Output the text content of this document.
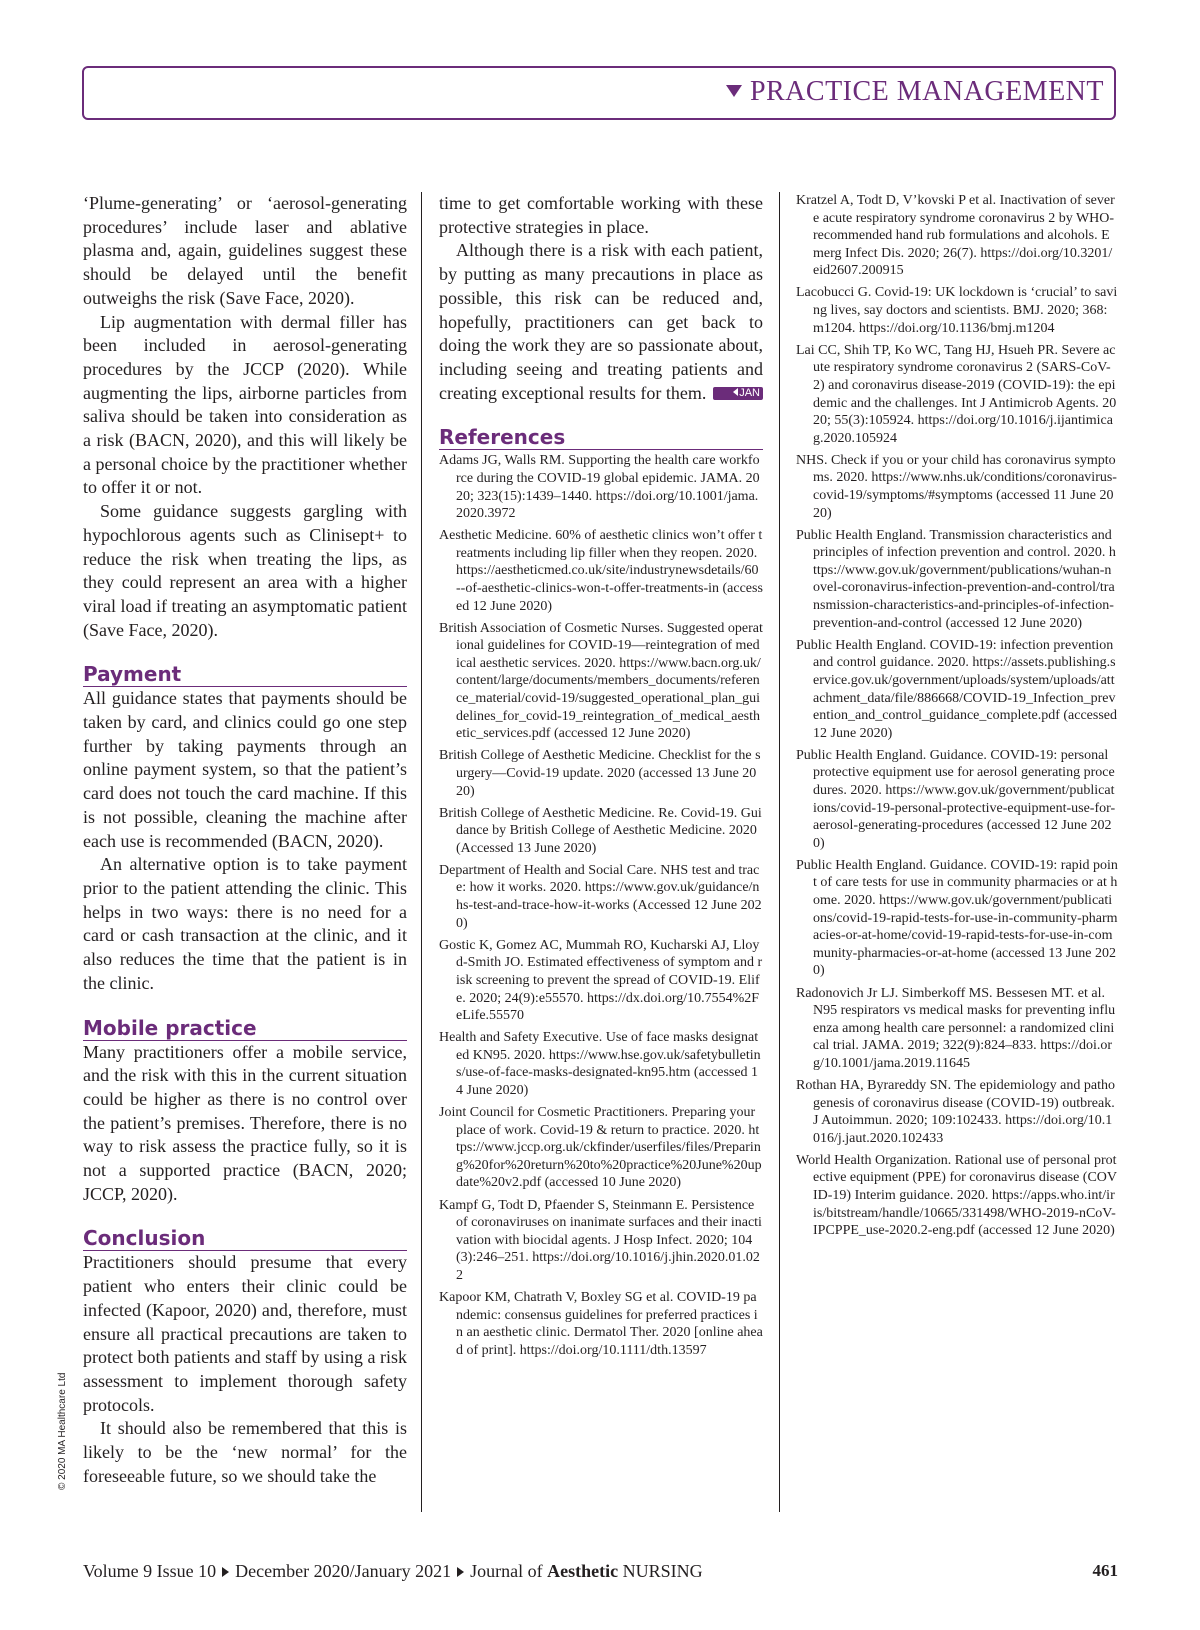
PRACTICE MANAGEMENT

‘Plume-generating’ or ‘aerosol-generating procedures’ include laser and ablative plasma and, again, guidelines suggest these should be delayed until the benefit outweighs the risk (Save Face, 2020).

Lip augmentation with dermal filler has been included in aerosol-generating procedures by the JCCP (2020). While augmenting the lips, airborne particles from saliva should be taken into consideration as a risk (BACN, 2020), and this will likely be a personal choice by the practitioner whether to offer it or not.

Some guidance suggests gargling with hypochlorous agents such as Clinisept+ to reduce the risk when treating the lips, as they could represent an area with a higher viral load if treating an asymptomatic patient (Save Face, 2020).

Payment

All guidance states that payments should be taken by card, and clinics could go one step further by taking payments through an online payment system, so that the patient’s card does not touch the card machine. If this is not possible, cleaning the machine after each use is recommended (BACN, 2020).

An alternative option is to take payment prior to the patient attending the clinic. This helps in two ways: there is no need for a card or cash transaction at the clinic, and it also reduces the time that the patient is in the clinic.

Mobile practice

Many practitioners offer a mobile service, and the risk with this in the current situation could be higher as there is no control over the patient’s premises. Therefore, there is no way to risk assess the practice fully, so it is not a supported practice (BACN, 2020; JCCP, 2020).

Conclusion

Practitioners should presume that every patient who enters their clinic could be infected (Kapoor, 2020) and, therefore, must ensure all practical precautions are taken to protect both patients and staff by using a risk assessment to implement thorough safety protocols.

It should also be remembered that this is likely to be the ‘new normal’ for the foreseeable future, so we should take the

time to get comfortable working with these protective strategies in place.

Although there is a risk with each patient, by putting as many precautions in place as possible, this risk can be reduced and, hopefully, practitioners can get back to doing the work they are so passionate about, including seeing and treating patients and creating exceptional results for them.	JAN

References

Adams JG, Walls RM. Supporting the health care workforce during the COVID-19 global epidemic. JAMA. 2020; 323(15):1439–1440. https://doi.org/10.1001/jama.2020.3972

Aesthetic Medicine. 60% of aesthetic clinics won’t offer treatments including lip filler when they reopen. 2020. https://aestheticmed.co.uk/site/industrynewsdetails/60--of-aesthetic-clinics-won-t-offer-treatments-in (accessed 12 June 2020)

British Association of Cosmetic Nurses. Suggested operational guidelines for COVID-19—reintegration of medical aesthetic services. 2020. https://www.bacn.org.uk/content/large/documents/members_documents/reference_material/covid-19/suggested_operational_plan_guidelines_for_covid-19_reintegration_of_medical_aesthetic_services.pdf (accessed 12 June 2020)

British College of Aesthetic Medicine. Checklist for the surgery—Covid-19 update. 2020 (accessed 13 June 2020)

British College of Aesthetic Medicine. Re. Covid-19. Guidance by British College of Aesthetic Medicine. 2020 (Accessed 13 June 2020)

Department of Health and Social Care. NHS test and trace: how it works. 2020. https://www.gov.uk/guidance/nhs-test-and-trace-how-it-works (Accessed 12 June 2020)

Gostic K, Gomez AC, Mummah RO, Kucharski AJ, Lloyd-Smith JO. Estimated effectiveness of symptom and risk screening to prevent the spread of COVID-19. Elife. 2020; 24(9):e55570. https://dx.doi.org/10.7554%2FeLife.55570

Health and Safety Executive. Use of face masks designated KN95. 2020. https://www.hse.gov.uk/safetybulletins/use-of-face-masks-designated-kn95.htm (accessed 14 June 2020)

Joint Council for Cosmetic Practitioners. Preparing your place of work. Covid-19 & return to practice. 2020. https://www.jccp.org.uk/ckfinder/userfiles/files/Preparing%20for%20return%20to%20practice%20June%20update%20v2.pdf (accessed 10 June 2020)

Kampf G, Todt D, Pfaender S, Steinmann E. Persistence of coronaviruses on inanimate surfaces and their inactivation with biocidal agents. J Hosp Infect. 2020; 104(3):246–251. https://doi.org/10.1016/j.jhin.2020.01.022

Kapoor KM, Chatrath V, Boxley SG et al. COVID-19 pandemic: consensus guidelines for preferred practices in an aesthetic clinic. Dermatol Ther. 2020 [online ahead of print]. https://doi.org/10.1111/dth.13597

Kratzel A, Todt D, V’kovski P et al. Inactivation of severe acute respiratory syndrome coronavirus 2 by WHO-recommended hand rub formulations and alcohols. Emerg Infect Dis. 2020; 26(7). https://doi.org/10.3201/eid2607.200915

Lacobucci G. Covid-19: UK lockdown is ‘crucial’ to saving lives, say doctors and scientists. BMJ. 2020; 368:m1204. https://doi.org/10.1136/bmj.m1204

Lai CC, Shih TP, Ko WC, Tang HJ, Hsueh PR. Severe acute respiratory syndrome coronavirus 2 (SARS-CoV-2) and coronavirus disease-2019 (COVID-19): the epidemic and the challenges. Int J Antimicrob Agents. 2020; 55(3):105924. https://doi.org/10.1016/j.ijantimicag.2020.105924

NHS. Check if you or your child has coronavirus symptoms. 2020. https://www.nhs.uk/conditions/coronavirus-covid-19/symptoms/#symptoms (accessed 11 June 2020)

Public Health England. Transmission characteristics and principles of infection prevention and control. 2020. https://www.gov.uk/government/publications/wuhan-novel-coronavirus-infection-prevention-and-control/transmission-characteristics-and-principles-of-infection-prevention-and-control (accessed 12 June 2020)

Public Health England. COVID-19: infection prevention and control guidance. 2020. https://assets.publishing.service.gov.uk/government/uploads/system/uploads/attachment_data/file/886668/COVID-19_Infection_prevention_and_control_guidance_complete.pdf (accessed 12 June 2020)

Public Health England. Guidance. COVID-19: personal protective equipment use for aerosol generating procedures. 2020. https://www.gov.uk/government/publications/covid-19-personal-protective-equipment-use-for-aerosol-generating-procedures (accessed 12 June 2020)

Public Health England. Guidance. COVID-19: rapid point of care tests for use in community pharmacies or at home. 2020. https://www.gov.uk/government/publications/covid-19-rapid-tests-for-use-in-community-pharmacies-or-at-home/covid-19-rapid-tests-for-use-in-community-pharmacies-or-at-home (accessed 13 June 2020)

Radonovich Jr LJ. Simberkoff MS. Bessesen MT. et al. N95 respirators vs medical masks for preventing influenza among health care personnel: a randomized clinical trial. JAMA. 2019; 322(9):824–833. https://doi.org/10.1001/jama.2019.11645

Rothan HA, Byrareddy SN. The epidemiology and pathogenesis of coronavirus disease (COVID-19) outbreak. J Autoimmun. 2020; 109:102433. https://doi.org/10.1016/j.jaut.2020.102433

World Health Organization. Rational use of personal protective equipment (PPE) for coronavirus disease (COVID-19) Interim guidance. 2020. https://apps.who.int/iris/bitstream/handle/10665/331498/WHO-2019-nCoV-IPCPPE_use-2020.2-eng.pdf (accessed 12 June 2020)

© 2020 MA Healthcare Ltd
Volume 9 Issue 10 December 2020/January 2021 Journal of Aesthetic NURSING	461
